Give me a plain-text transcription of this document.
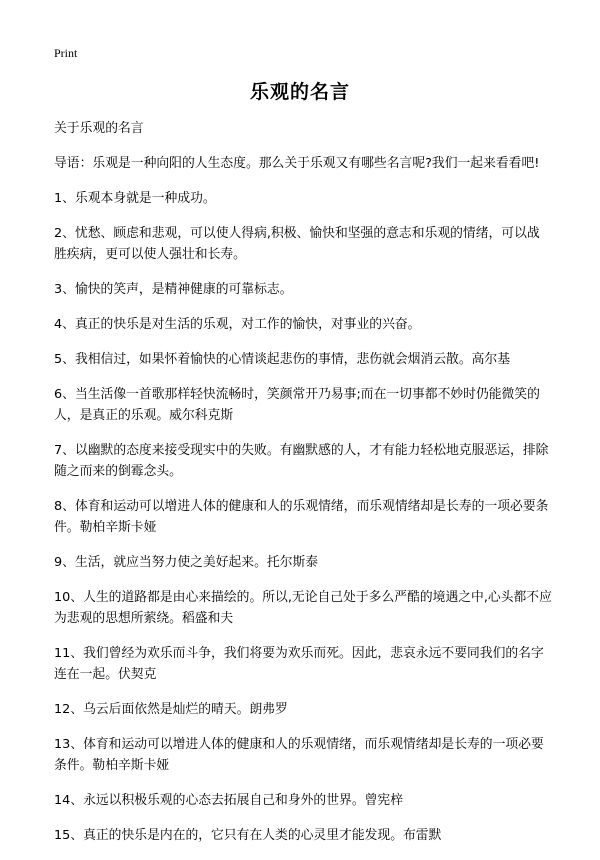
Print
乐观的名言
关于乐观的名言
导语：乐观是一种向阳的人生态度。那么关于乐观又有哪些名言呢?我们一起来看看吧!
1、乐观本身就是一种成功。
2、忧愁、顾虑和悲观，可以使人得病,积极、愉快和坚强的意志和乐观的情绪，可以战胜疾病，更可以使人强壮和长寿。
3、愉快的笑声，是精神健康的可靠标志。
4、真正的快乐是对生活的乐观，对工作的愉快，对事业的兴奋。
5、我相信过，如果怀着愉快的心情谈起悲伤的事情，悲伤就会烟消云散。高尔基
6、当生活像一首歌那样轻快流畅时，笑颜常开乃易事;而在一切事都不妙时仍能微笑的人，是真正的乐观。威尔科克斯
7、以幽默的态度来接受现实中的失败。有幽默感的人，才有能力轻松地克服恶运，排除随之而来的倒霉念头。
8、体育和运动可以增进人体的健康和人的乐观情绪，而乐观情绪却是长寿的一项必要条件。勒柏辛斯卡娅
9、生活，就应当努力使之美好起来。托尔斯泰
10、人生的道路都是由心来描绘的。所以,无论自己处于多么严酷的境遇之中,心头都不应为悲观的思想所萦绕。稻盛和夫
11、我们曾经为欢乐而斗争，我们将要为欢乐而死。因此，悲哀永远不要同我们的名字连在一起。伏契克
12、乌云后面依然是灿烂的晴天。朗弗罗
13、体育和运动可以增进人体的健康和人的乐观情绪，而乐观情绪却是长寿的一项必要条件。勒柏辛斯卡娅
14、永远以积极乐观的心态去拓展自己和身外的世界。曾宪梓
15、真正的快乐是内在的，它只有在人类的心灵里才能发现。布雷默
